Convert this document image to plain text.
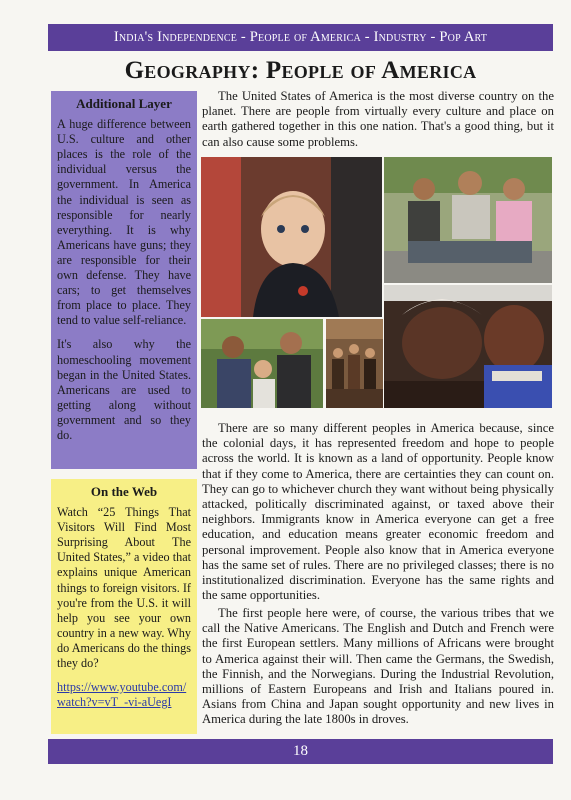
India's Independence - People of America - Industry - Pop Art
Geography: People of America
Additional Layer

A huge difference between U.S. culture and other places is the role of the individual versus the government. In America the individual is seen as responsible for nearly everything. It is why Americans have guns; they are responsible for their own defense. They have cars; to get themselves from place to place. They tend to value self-reliance.

It's also why the homeschooling movement began in the United States. Americans are used to getting along without government and so they do.

On the Web

Watch “25 Things That Visitors Will Find Most Surprising About The United States,” a video that explains unique American things to foreign visitors. If you're from the U.S. it will help you see your own country in a new way. Why do Americans do the things they do?

https://www.youtube.com/watch?v=vT_-vi-aUegI

The United States of America is the most diverse country on the planet. There are people from virtually every culture and place on earth gathered together in this one nation. That's a good thing, but it can also cause some problems.

There are so many different peoples in America because, since the colonial days, it has represented freedom and hope to people across the world. It is known as a land of opportunity. People know that if they come to America, there are certainties they can count on. They can go to whichever church they want without being physically attacked, politically discriminated against, or taxed above their neighbors. Immigrants know in America everyone can get a free education, and education means greater economic freedom and personal improvement. People also know that in America everyone has the same set of rules. There are no privileged classes; there is no institutionalized discrimination. Everyone has the same rights and the same opportunities.

The first people here were, of course, the various tribes that we call the Native Americans. The English and Dutch and French were the first European settlers. Many millions of Africans were brought to America against their will. Then came the Germans, the Swedish, the Finnish, and the Norwegians. During the Industrial Revolution, millions of Eastern Europeans and Irish and Italians poured in. Asians from China and Japan sought opportunity and new lives in America during the late 1800s in droves.

18
